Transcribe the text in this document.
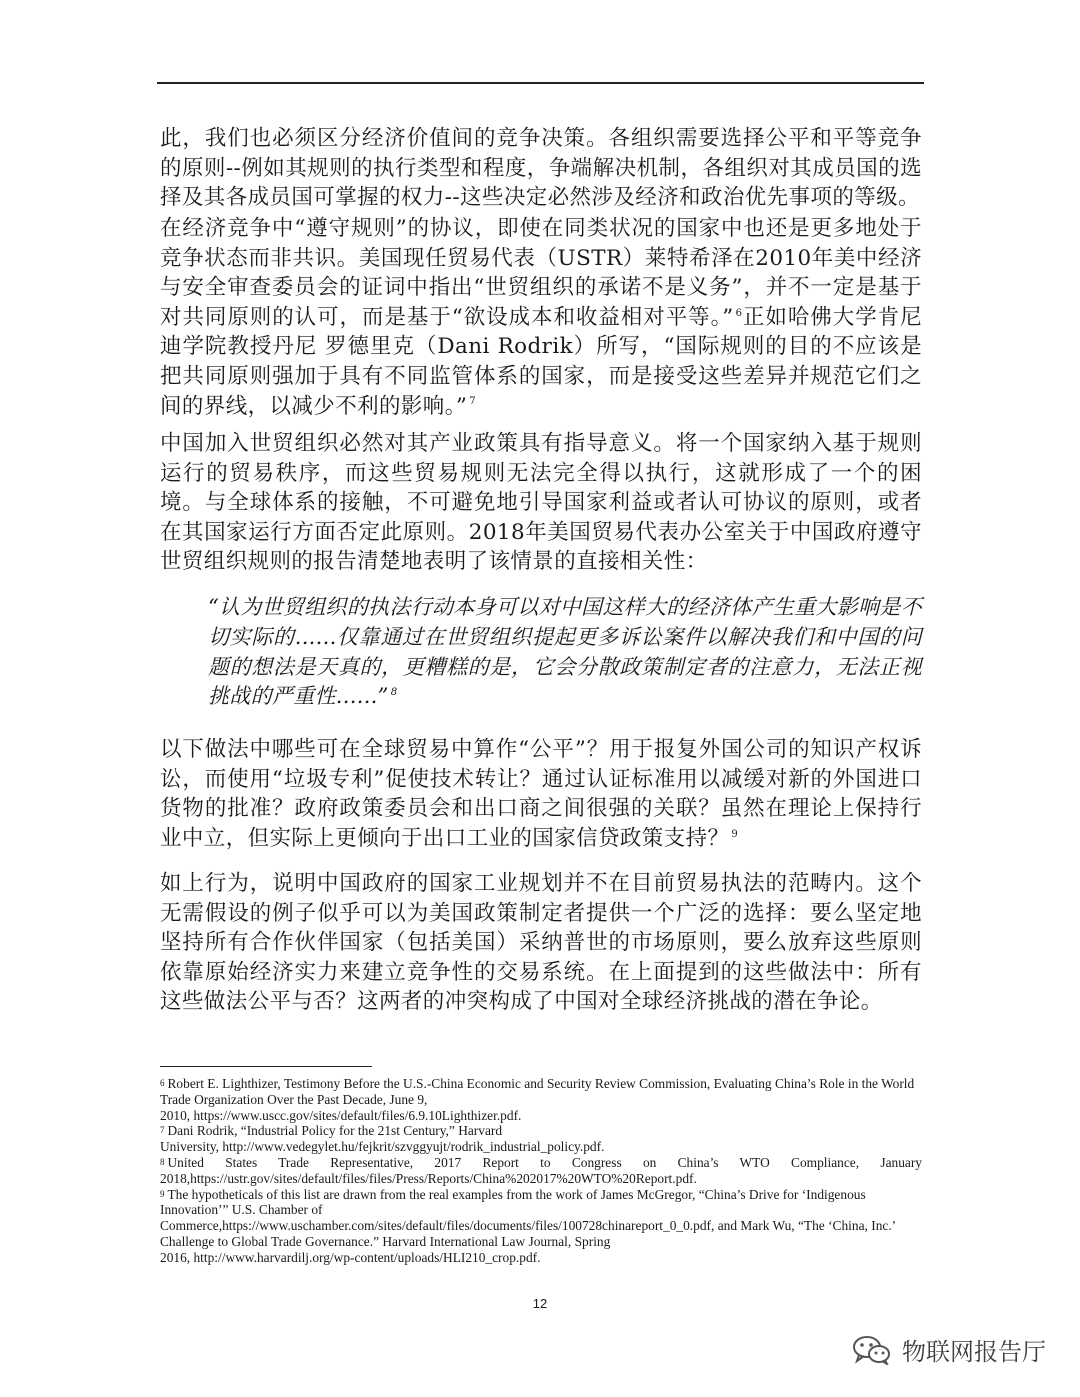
此，我们也必须区分经济价值间的竞争决策。各组织需要选择公平和平等竞争的原则--例如其规则的执行类型和程度，争端解决机制，各组织对其成员国的选择及其各成员国可掌握的权力--这些决定必然涉及经济和政治优先事项的等级。

在经济竞争中“遵守规则”的协议，即使在同类状况的国家中也还是更多地处于竞争状态而非共识。美国现任贸易代表（USTR）莱特希泽在2010年美中经济与安全审查委员会的证词中指出“世贸组织的承诺不是义务”，并不一定是基于对共同原则的认可，而是基于“欲设成本和收益相对平等。” $^6$正如哈佛大学肯尼迪学院教授丹尼 罗德里克（Dani Rodrik）所写，“国际规则的目的不应该是把共同原则强加于具有不同监管体系的国家，而是接受这些差异并规范它们之间的界线，以减少不利的影响。” $^7$

中国加入世贸组织必然对其产业政策具有指导意义。将一个国家纳入基于规则运行的贸易秩序，而这些贸易规则无法完全得以执行，这就形成了一个的困境。与全球体系的接触，不可避免地引导国家利益或者认可协议的原则，或者在其国家运行方面否定此原则。2018年美国贸易代表办公室关于中国政府遵守世贸组织规则的报告清楚地表明了该情景的直接相关性：

“认为世贸组织的执法行动本身可以对中国这样大的经济体产生重大影响是不切实际的......仅靠通过在世贸组织提起更多诉讼案件以解决我们和中国的问题的想法是天真的，更糟糕的是，它会分散政策制定者的注意力，无法正视挑战的严重性......” $^8$

以下做法中哪些可在全球贸易中算作“公平”？用于报复外国公司的知识产权诉讼，而使用“垃圾专利”促使技术转让？通过认证标准用以减缓对新的外国进口货物的批准？政府政策委员会和出口商之间很强的关联？虽然在理论上保持行业中立，但实际上更倾向于出口工业的国家信贷政策支持？ $^9$

如上行为，说明中国政府的国家工业规划并不在目前贸易执法的范畴内。这个无需假设的例子似乎可以为美国政策制定者提供一个广泛的选择：要么坚定地坚持所有合作伙伴国家（包括美国）采纳普世的市场原则，要么放弃这些原则依靠原始经济实力来建立竞争性的交易系统。在上面提到的这些做法中：所有这些做法公平与否？这两者的冲突构成了中国对全球经济挑战的潜在争论。

$^6$ Robert E. Lighthizer, Testimony Before the U.S.-China Economic and Security Review Commission, Evaluating China’s Role in the World Trade Organization Over the Past Decade, June 9,

2010, https://www.uscc.gov/sites/default/files/6.9.10Lighthizer.pdf.

$^7$ Dani Rodrik, “Industrial Policy for the 21st Century,” Harvard

University, http://www.vedegylet.hu/fejkrit/szvggyujt/rodrik_industrial_policy.pdf.

$^8$ United States Trade Representative, 2017 Report to Congress on China’s WTO Compliance, January 2018,https://ustr.gov/sites/default/files/files/Press/Reports/China%202017%20WTO%20Report.pdf.

$^9$ The hypotheticals of this list are drawn from the real examples from the work of James McGregor, “China’s Drive for ‘Indigenous Innovation’” U.S. Chamber of

Commerce,https://www.uschamber.com/sites/default/files/documents/files/100728chinareport_0_0.pdf, and Mark Wu, “The ‘China, Inc.’ Challenge to Global Trade Governance.” Harvard International Law Journal, Spring

2016, http://www.harvardilj.org/wp-content/uploads/HLI210_crop.pdf.

12
物联网报告厅
